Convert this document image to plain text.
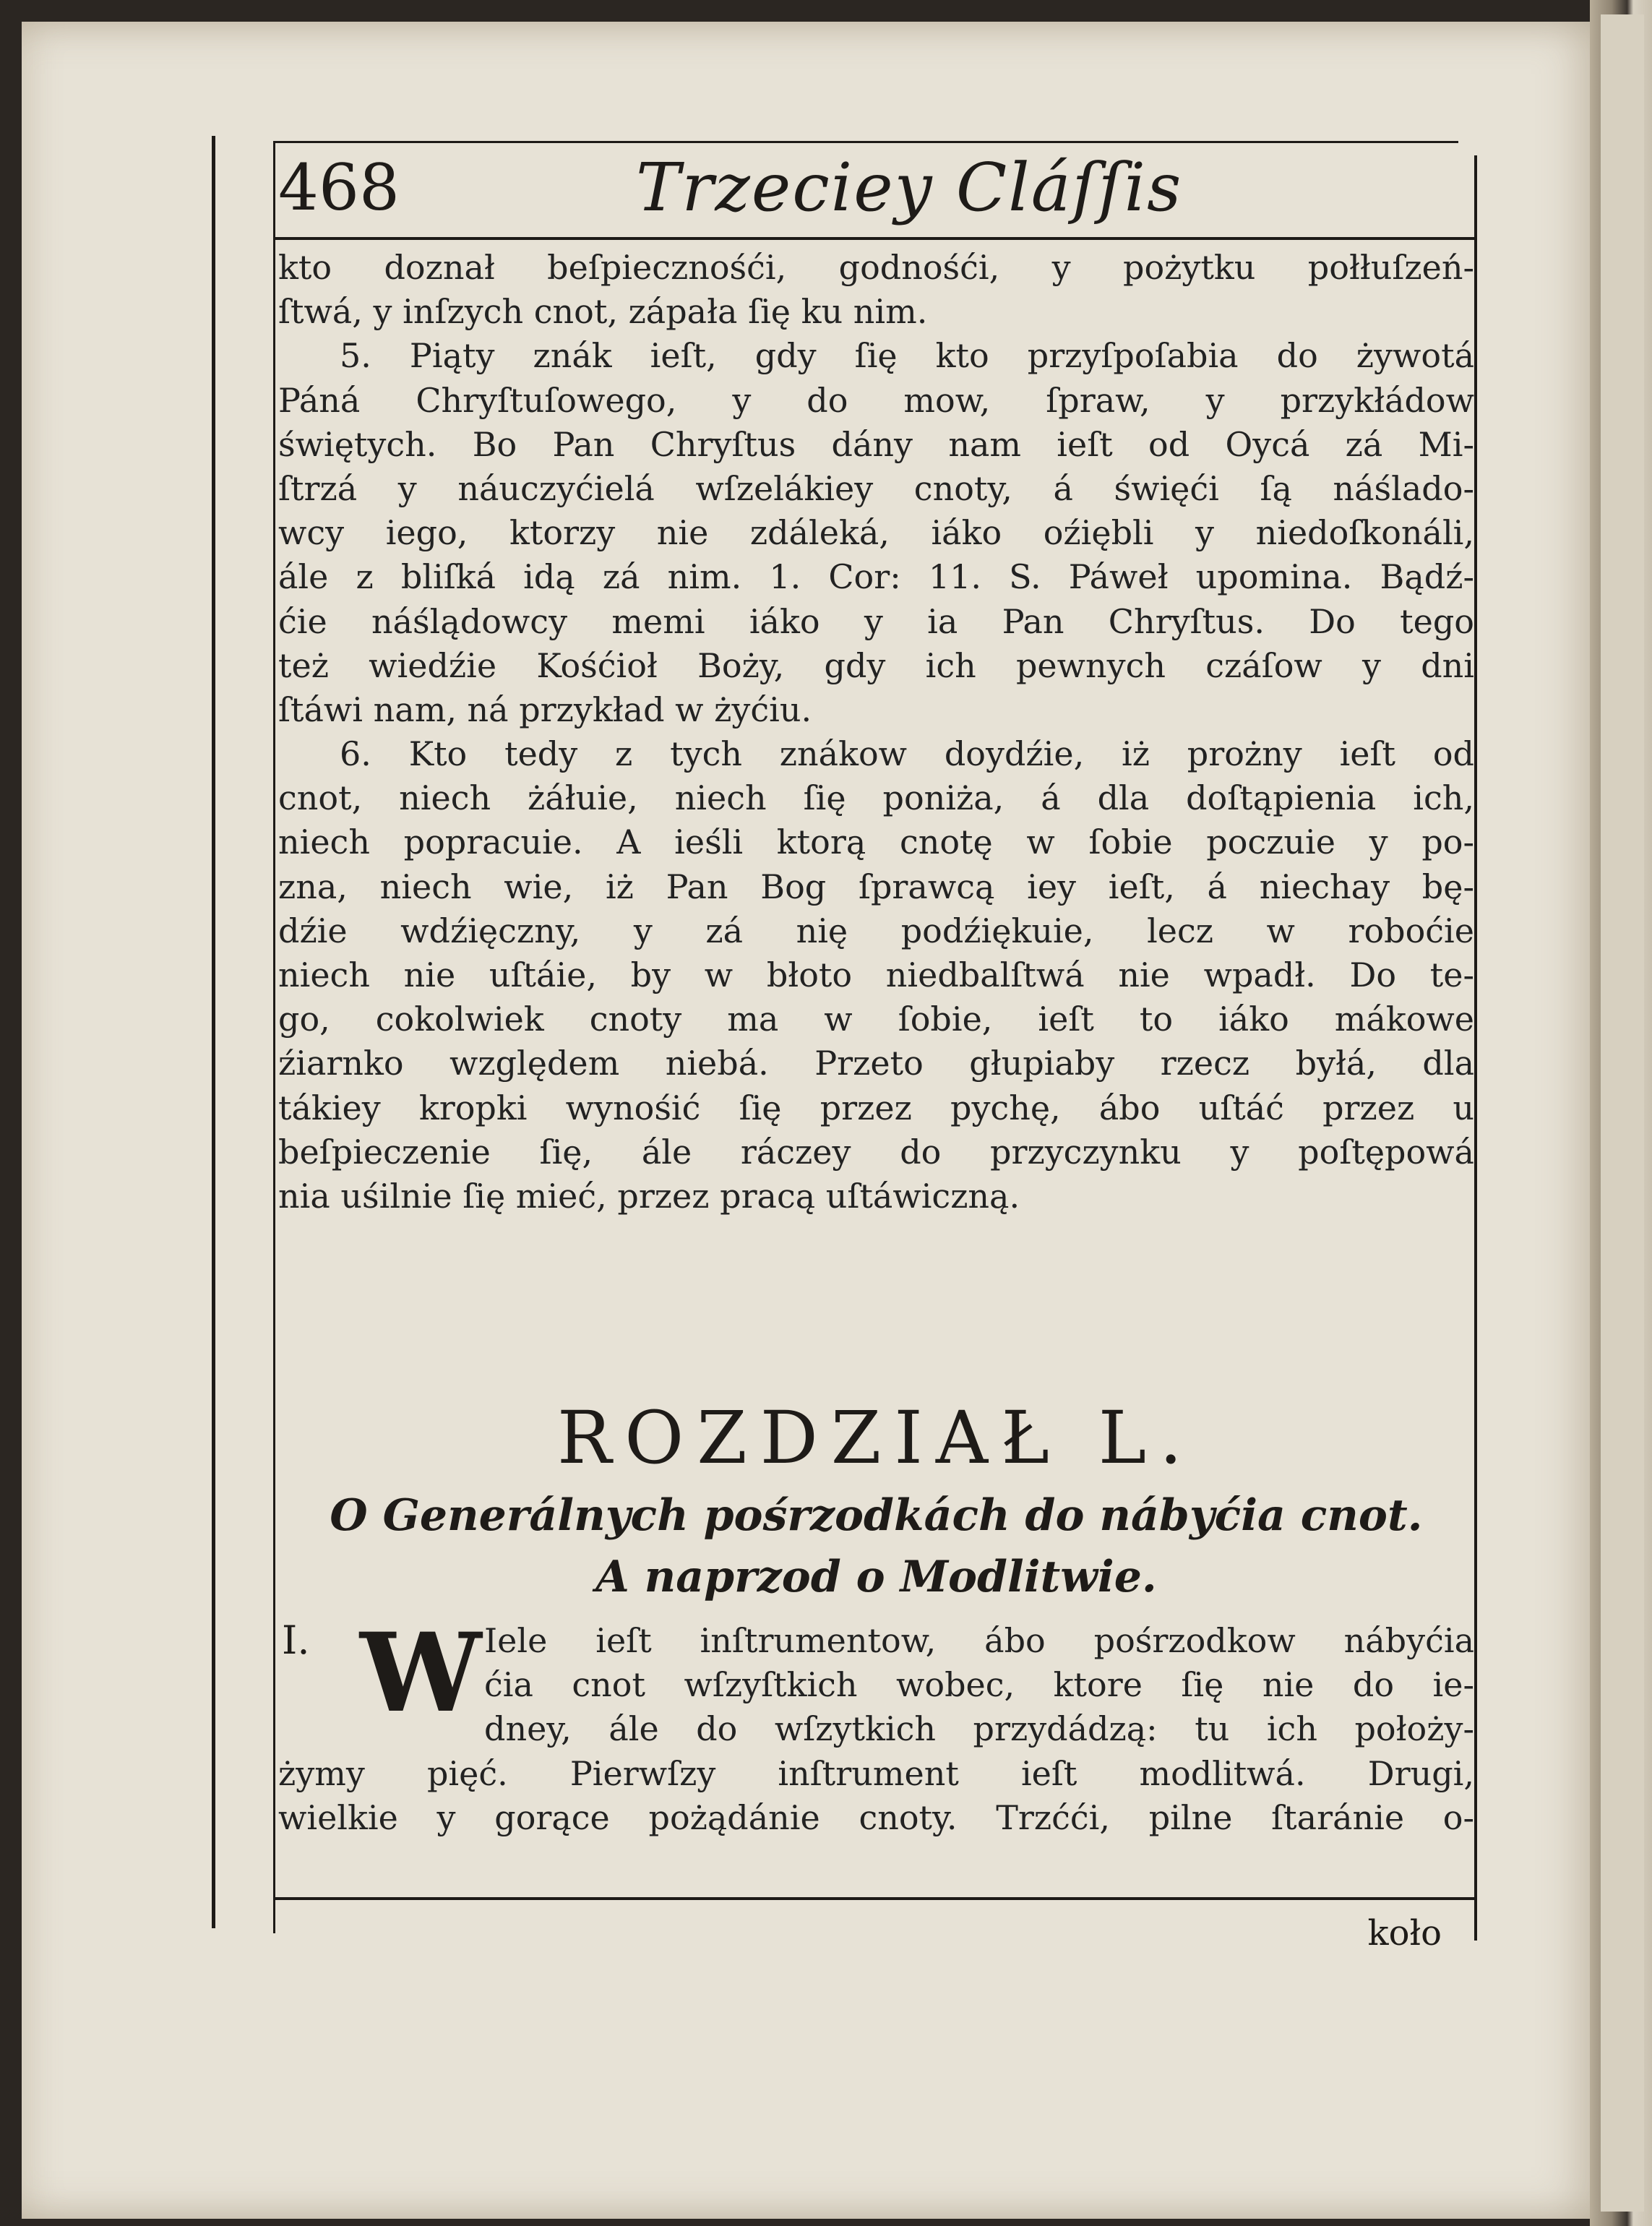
468	Trzeciey Cláſſis
kto doznał beſpiecznośći, godnośći, y pożytku połłuſzeń-
ſtwá, y inſzych cnot, zápała ſię ku nim.
5. Piąty znák ieſt, gdy ſię kto przyſpoſabia do żywotá
Páná Chryſtuſowego, y do mow, ſpraw, y przykłádow
świętych. Bo Pan Chryſtus dány nam ieſt od Oycá zá Mi-
ſtrzá y náuczyćielá wſzelákiey cnoty, á święći ſą náślado-
wcy iego, ktorzy nie zdáleká, iáko oźiębli y niedoſkonáli,
ále z bliſká idą zá nim. 1. Cor: 11. S. Páweł upomina. Bądź-
ćie náślądowcy memi iáko y ia Pan Chryſtus. Do tego
też wiedźie Kośćioł Boży, gdy ich pewnych czáſow y dni
ſtáwi nam, ná przykład w żyćiu.
6. Kto tedy z tych znákow doydźie, iż prożny ieſt od
cnot, niech żáłuie, niech ſię poniża, á dla doſtąpienia ich,
niech popracuie. A ieśli ktorą cnotę w ſobie poczuie y po-
zna, niech wie, iż Pan Bog ſprawcą iey ieſt, á niechay bę-
dźie wdźięczny, y zá nię podźiękuie, lecz w roboćie
niech nie uſtáie, by w błoto niedbalſtwá nie wpadł. Do te-
go, cokolwiek cnoty ma w ſobie, ieſt to iáko mákowe
źiarnko względem niebá. Przeto głupiaby rzecz byłá, dla
tákiey kropki wynośić ſię przez pychę, ábo uſtáć przez u
beſpieczenie ſię, ále ráczey do przyczynku y poſtępowá
nia uśilnie ſię mieć, przez pracą uſtáwiczną.
ROZDZIAŁ L.
O Generálnych pośrzodkách do nábyćia cnot.
A naprzod o Modlitwie.
I. W Iele ieſt inſtrumentow, ábo pośrzodkow nábyćia
ćia cnot wſzyſtkich wobec, ktore ſię nie do ie-
dney, ále do wſzytkich przydádzą: tu ich położy-
żymy pięć. Pierwſzy inſtrument ieſt modlitwá. Drugi,
wielkie y gorące pożądánie cnoty. Trzćći, pilne ſtaránie o-
koło
